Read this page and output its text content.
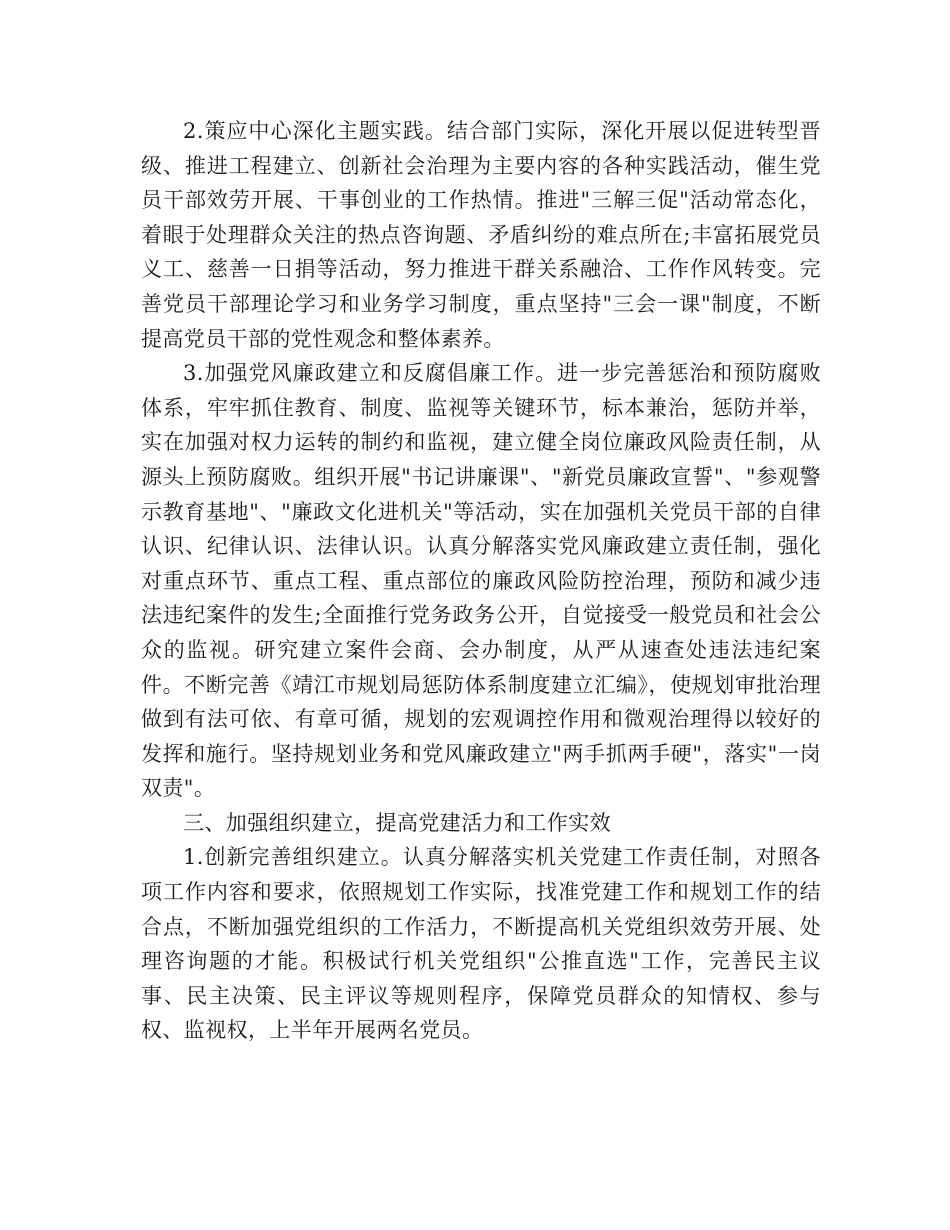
2.策应中心深化主题实践。结合部门实际，深化开展以促进转型晋级、推进工程建立、创新社会治理为主要内容的各种实践活动，催生党员干部效劳开展、干事创业的工作热情。推进"三解三促"活动常态化，着眼于处理群众关注的热点咨询题、矛盾纠纷的难点所在;丰富拓展党员义工、慈善一日捐等活动，努力推进干群关系融洽、工作作风转变。完善党员干部理论学习和业务学习制度，重点坚持"三会一课"制度，不断提高党员干部的党性观念和整体素养。

3.加强党风廉政建立和反腐倡廉工作。进一步完善惩治和预防腐败体系，牢牢抓住教育、制度、监视等关键环节，标本兼治，惩防并举，实在加强对权力运转的制约和监视，建立健全岗位廉政风险责任制，从源头上预防腐败。组织开展"书记讲廉课"、"新党员廉政宣誓"、"参观警示教育基地"、"廉政文化进机关"等活动，实在加强机关党员干部的自律认识、纪律认识、法律认识。认真分解落实党风廉政建立责任制，强化对重点环节、重点工程、重点部位的廉政风险防控治理，预防和减少违法违纪案件的发生;全面推行党务政务公开，自觉接受一般党员和社会公众的监视。研究建立案件会商、会办制度，从严从速查处违法违纪案件。不断完善《靖江市规划局惩防体系制度建立汇编》，使规划审批治理做到有法可依、有章可循，规划的宏观调控作用和微观治理得以较好的发挥和施行。坚持规划业务和党风廉政建立"两手抓两手硬"，落实"一岗双责"。

三、加强组织建立，提高党建活力和工作实效

1.创新完善组织建立。认真分解落实机关党建工作责任制，对照各项工作内容和要求，依照规划工作实际，找准党建工作和规划工作的结合点，不断加强党组织的工作活力，不断提高机关党组织效劳开展、处理咨询题的才能。积极试行机关党组织"公推直选"工作，完善民主议事、民主决策、民主评议等规则程序，保障党员群众的知情权、参与权、监视权，上半年开展两名党员。
